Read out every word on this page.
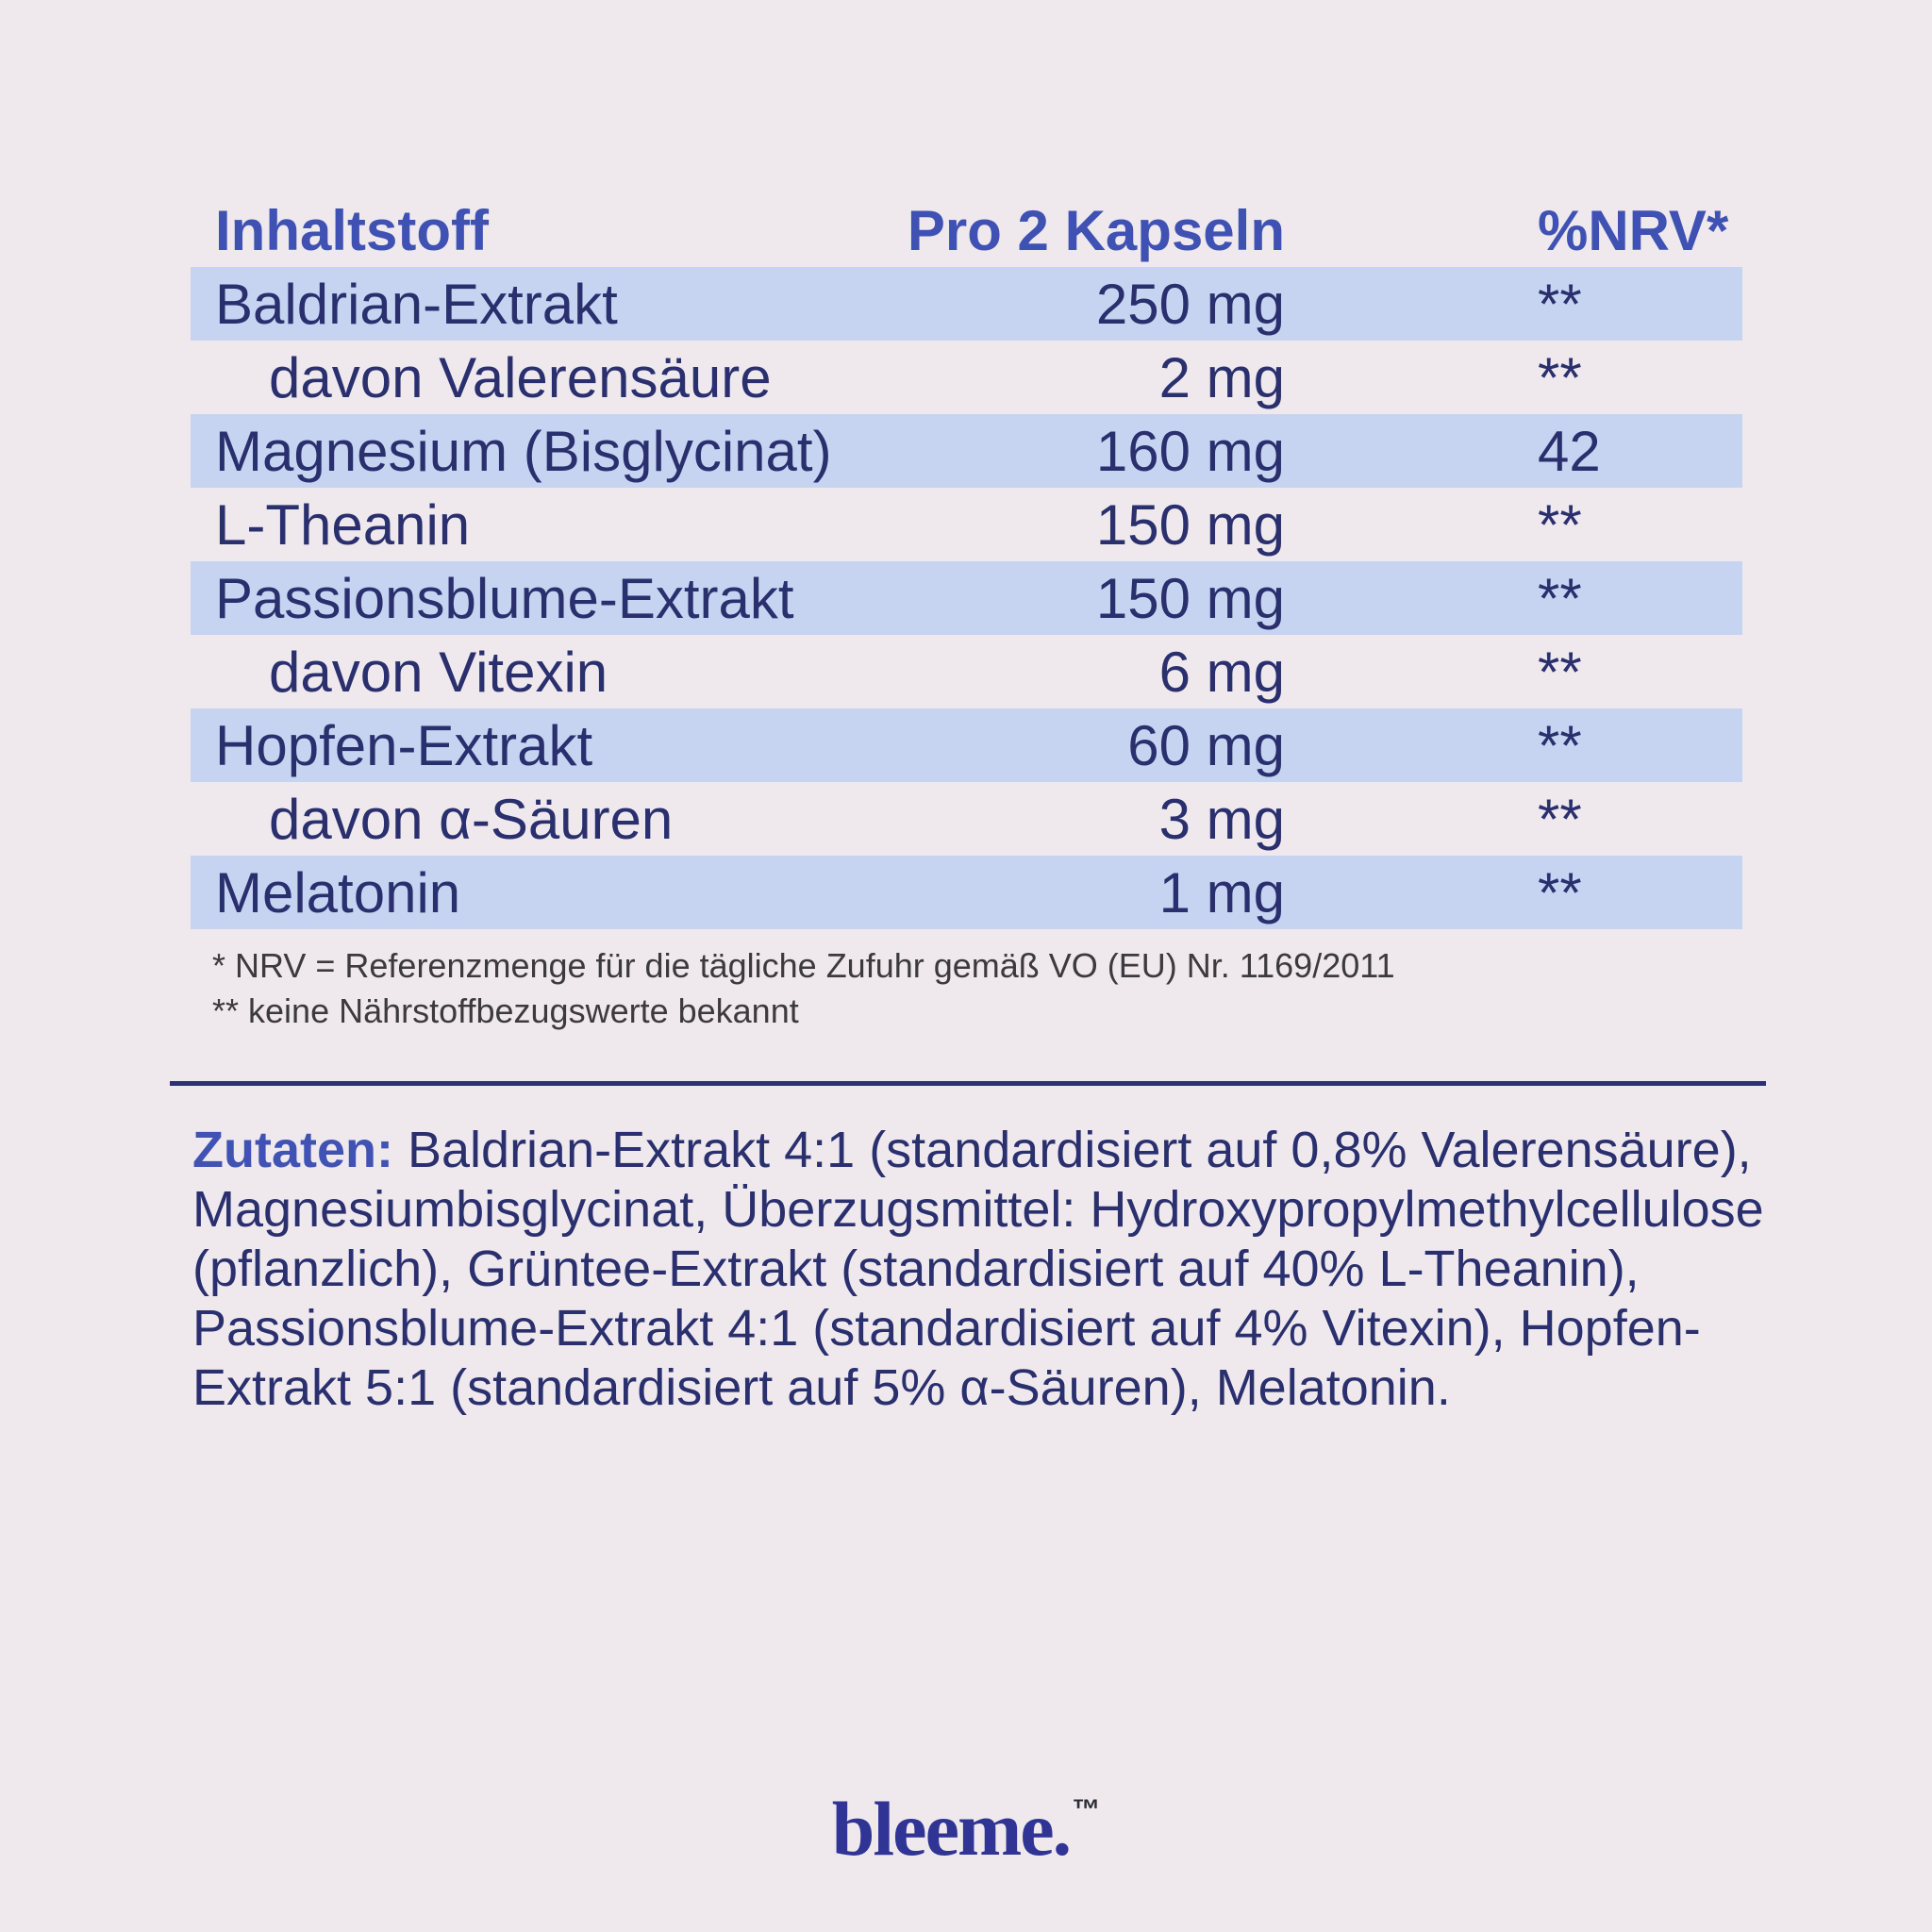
Inhaltstoff	Pro 2 Kapseln	%NRV*
Baldrian-Extrakt	250 mg	**
davon Valerensäure	2 mg	**
Magnesium (Bisglycinat)	160 mg	42
L-Theanin	150 mg	**
Passionsblume-Extrakt	150 mg	**
davon Vitexin	6 mg	**
Hopfen-Extrakt	60 mg	**
davon α-Säuren	3 mg	**
Melatonin	1 mg	**
* NRV = Referenzmenge für die tägliche Zufuhr gemäß VO (EU) Nr. 1169/2011
** keine Nährstoffbezugswerte bekannt

Zutaten: Baldrian-Extrakt 4:1 (standardisiert auf 0,8% Valerensäure), Magnesiumbisglycinat, Überzugsmittel: Hydroxypropylmethylcellulose (pflanzlich), Grüntee-Extrakt (standardisiert auf 40% L-Theanin), Passionsblume-Extrakt 4:1 (standardisiert auf 4% Vitexin), Hopfen-Extrakt 5:1 (standardisiert auf 5% α-Säuren), Melatonin.

bleeme. ™
